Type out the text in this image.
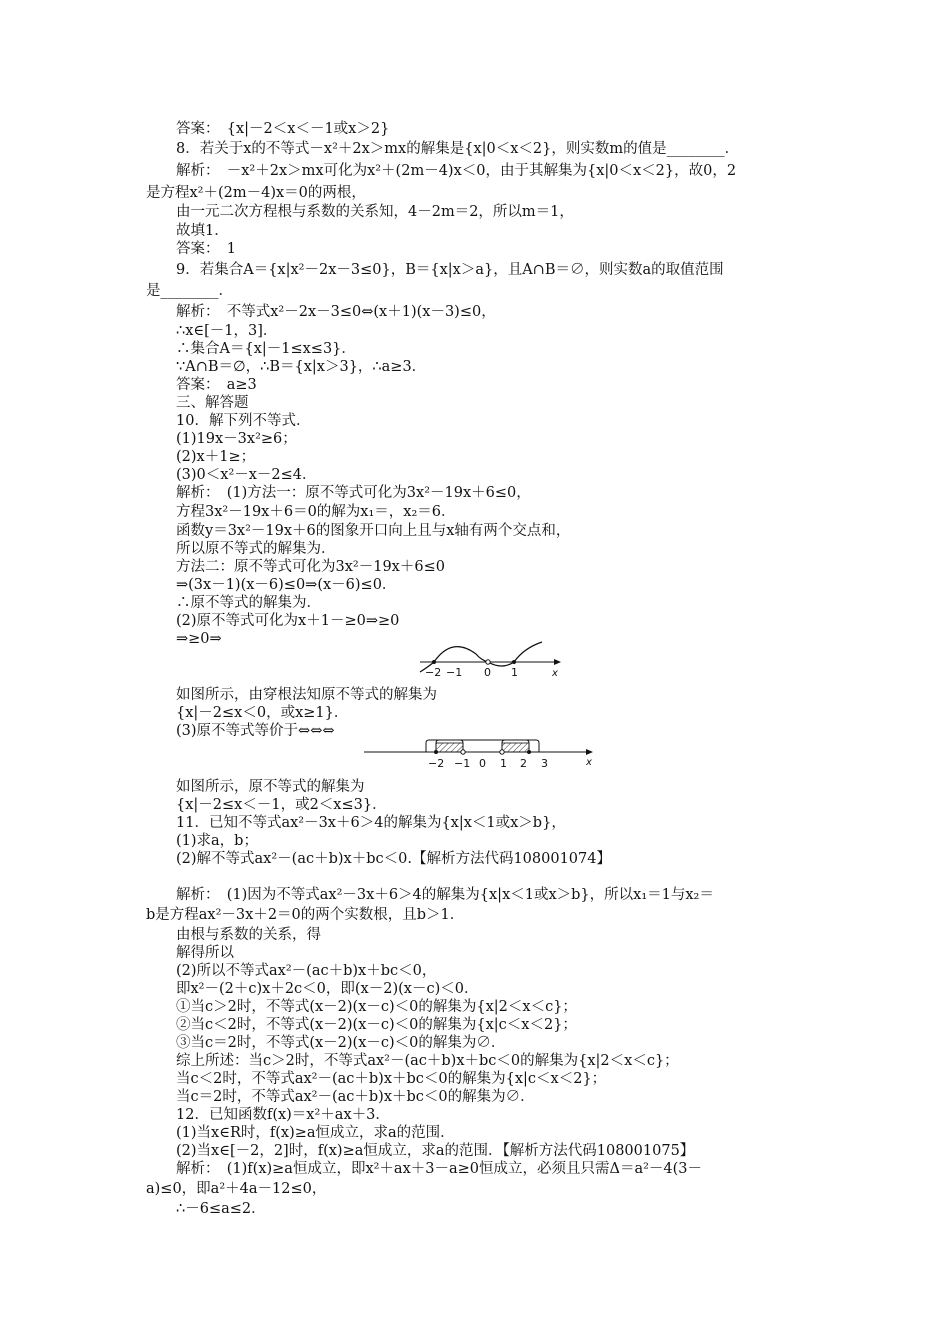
答案：　{x|－2＜x＜－1或x＞2}
8．若关于x的不等式－x²＋2x＞mx的解集是{x|0＜x＜2}，则实数m的值是________．
解析：　－x²＋2x＞mx可化为x²＋(2m－4)x＜0，由于其解集为{x|0＜x＜2}，故0，2
是方程x²＋(2m－4)x＝0的两根，
由一元二次方程根与系数的关系知，4－2m＝2，所以m＝1，
故填1．
答案：　1
9．若集合A＝{x|x²－2x－3≤0}，B＝{x|x＞a}，且A∩B＝∅，则实数a的取值范围
是________．
解析：　不等式x²－2x－3≤0⇔(x＋1)(x－3)≤0，
∴x∈[－1，3]．
∴集合A＝{x|－1≤x≤3}．
∵A∩B＝∅，∴B＝{x|x＞3}，∴a≥3．
答案：　a≥3
三、解答题
10．解下列不等式．
(1)19x－3x²≥6；
(2)x＋1≥；
(3)0＜x²－x－2≤4．
解析：　(1)方法一：原不等式可化为3x²－19x＋6≤0，
方程3x²－19x＋6＝0的解为x₁＝，x₂＝6．
函数y＝3x²－19x＋6的图象开口向上且与x轴有两个交点和，
所以原不等式的解集为．
方法二：原不等式可化为3x²－19x＋6≤0
⇒(3x－1)(x－6)≤0⇒(x－6)≤0．
∴原不等式的解集为．
(2)原不等式可化为x＋1－≥0⇒≥0
⇒≥0⇒
如图所示，由穿根法知原不等式的解集为
{x|－2≤x＜0，或x≥1}．
(3)原不等式等价于⇔⇔⇔
如图所示，原不等式的解集为
{x|－2≤x＜－1，或2＜x≤3}．
11．已知不等式ax²－3x＋6＞4的解集为{x|x＜1或x＞b}，
(1)求a，b；
(2)解不等式ax²－(ac＋b)x＋bc＜0.【解析方法代码108001074】
解析：　(1)因为不等式ax²－3x＋6＞4的解集为{x|x＜1或x＞b}，所以x₁＝1与x₂＝
b是方程ax²－3x＋2＝0的两个实数根，且b＞1．
由根与系数的关系，得
解得所以
(2)所以不等式ax²－(ac＋b)x＋bc＜0，
即x²－(2＋c)x＋2c＜0，即(x－2)(x－c)＜0．
①当c＞2时，不等式(x－2)(x－c)＜0的解集为{x|2＜x＜c}；
②当c＜2时，不等式(x－2)(x－c)＜0的解集为{x|c＜x＜2}；
③当c＝2时，不等式(x－2)(x－c)＜0的解集为∅．
综上所述：当c＞2时，不等式ax²－(ac＋b)x＋bc＜0的解集为{x|2＜x＜c}；
当c＜2时，不等式ax²－(ac＋b)x＋bc＜0的解集为{x|c＜x＜2}；
当c＝2时，不等式ax²－(ac＋b)x＋bc＜0的解集为∅．
12．已知函数f(x)＝x²＋ax＋3．
(1)当x∈R时，f(x)≥a恒成立，求a的范围．
(2)当x∈[－2，2]时，f(x)≥a恒成立，求a的范围．【解析方法代码108001075】
解析：　(1)f(x)≥a恒成立，即x²＋ax＋3－a≥0恒成立，必须且只需Δ＝a²－4(3－
a)≤0，即a²＋4a－12≤0，
∴－6≤a≤2．
−2 −1 0 1	x
−2 −1 0 1 2 3	x
